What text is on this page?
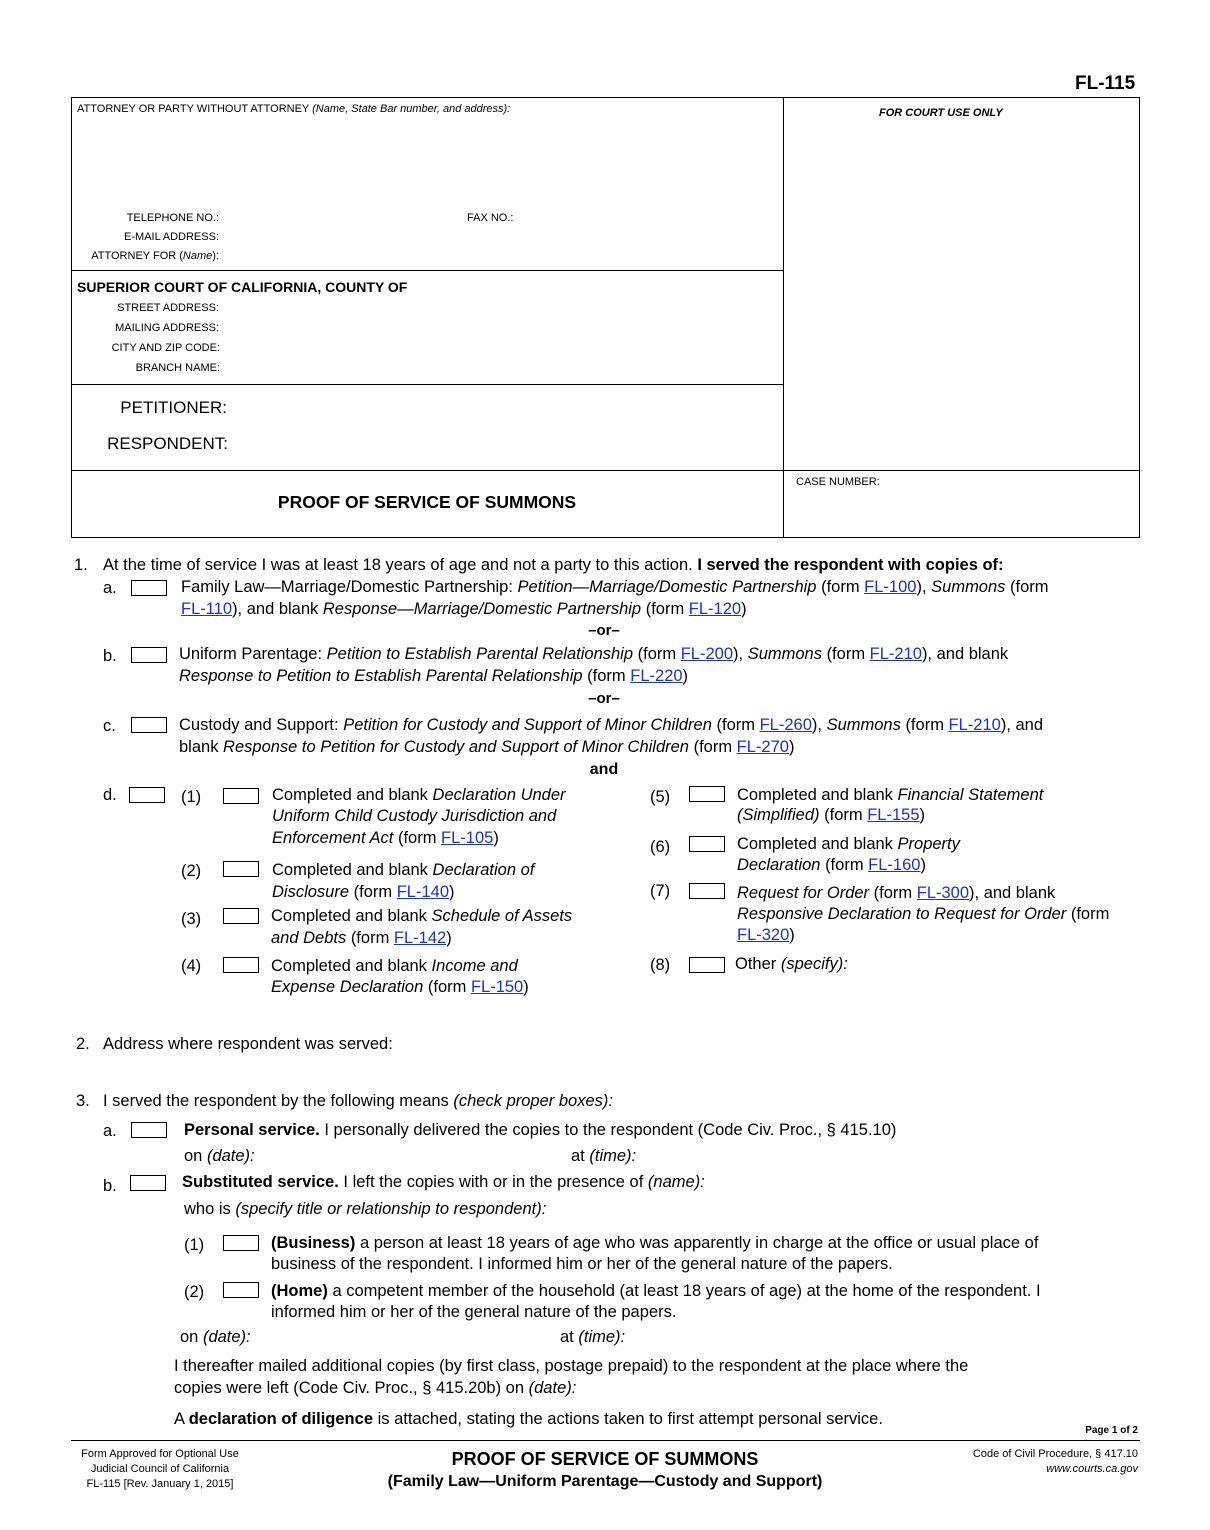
FL-115
ATTORNEY OR PARTY WITHOUT ATTORNEY (Name, State Bar number, and address):	FOR COURT USE ONLY
TELEPHONE NO.:	FAX NO.:
E-MAIL ADDRESS:
ATTORNEY FOR (Name):
SUPERIOR COURT OF CALIFORNIA, COUNTY OF
STREET ADDRESS:
MAILING ADDRESS:
CITY AND ZIP CODE:
BRANCH NAME:
PETITIONER:
RESPONDENT:
PROOF OF SERVICE OF SUMMONS
CASE NUMBER:
1. At the time of service I was at least 18 years of age and not a party to this action. I served the respondent with copies of:
a.	Family Law—Marriage/Domestic Partnership: Petition—Marriage/Domestic Partnership (form FL-100), Summons (form
FL-110), and blank Response—Marriage/Domestic Partnership (form FL-120)
–or–
b.	Uniform Parentage: Petition to Establish Parental Relationship (form FL-200), Summons (form FL-210), and blank
Response to Petition to Establish Parental Relationship (form FL-220)
–or–
c.	Custody and Support: Petition for Custody and Support of Minor Children (form FL-260), Summons (form FL-210), and
blank Response to Petition for Custody and Support of Minor Children (form FL-270)
and
d.	(1)	Completed and blank Declaration Under
Uniform Child Custody Jurisdiction and
Enforcement Act (form FL-105)
(2)	Completed and blank Declaration of
Disclosure (form FL-140)
(3)	Completed and blank Schedule of Assets
and Debts (form FL-142)
(4)	Completed and blank Income and
Expense Declaration (form FL-150)
(5)	Completed and blank Financial Statement
(Simplified) (form FL-155)
(6)	Completed and blank Property
Declaration (form FL-160)
(7)	Request for Order (form FL-300), and blank
Responsive Declaration to Request for Order (form
FL-320)
(8)	Other (specify):
2. Address where respondent was served:
3. I served the respondent by the following means (check proper boxes):
a.	Personal service. I personally delivered the copies to the respondent (Code Civ. Proc., § 415.10)
on (date):	at (time):
b.	Substituted service. I left the copies with or in the presence of (name):
who is (specify title or relationship to respondent):
(1)	(Business) a person at least 18 years of age who was apparently in charge at the office or usual place of
business of the respondent. I informed him or her of the general nature of the papers.
(2)	(Home) a competent member of the household (at least 18 years of age) at the home of the respondent. I
informed him or her of the general nature of the papers.
on (date):	at (time):
I thereafter mailed additional copies (by first class, postage prepaid) to the respondent at the place where the
copies were left (Code Civ. Proc., § 415.20b) on (date):
A declaration of diligence is attached, stating the actions taken to first attempt personal service.
Page 1 of 2
Form Approved for Optional Use
Judicial Council of California
FL-115 [Rev. January 1, 2015]
PROOF OF SERVICE OF SUMMONS
(Family Law—Uniform Parentage—Custody and Support)
Code of Civil Procedure, § 417.10
www.courts.ca.gov
